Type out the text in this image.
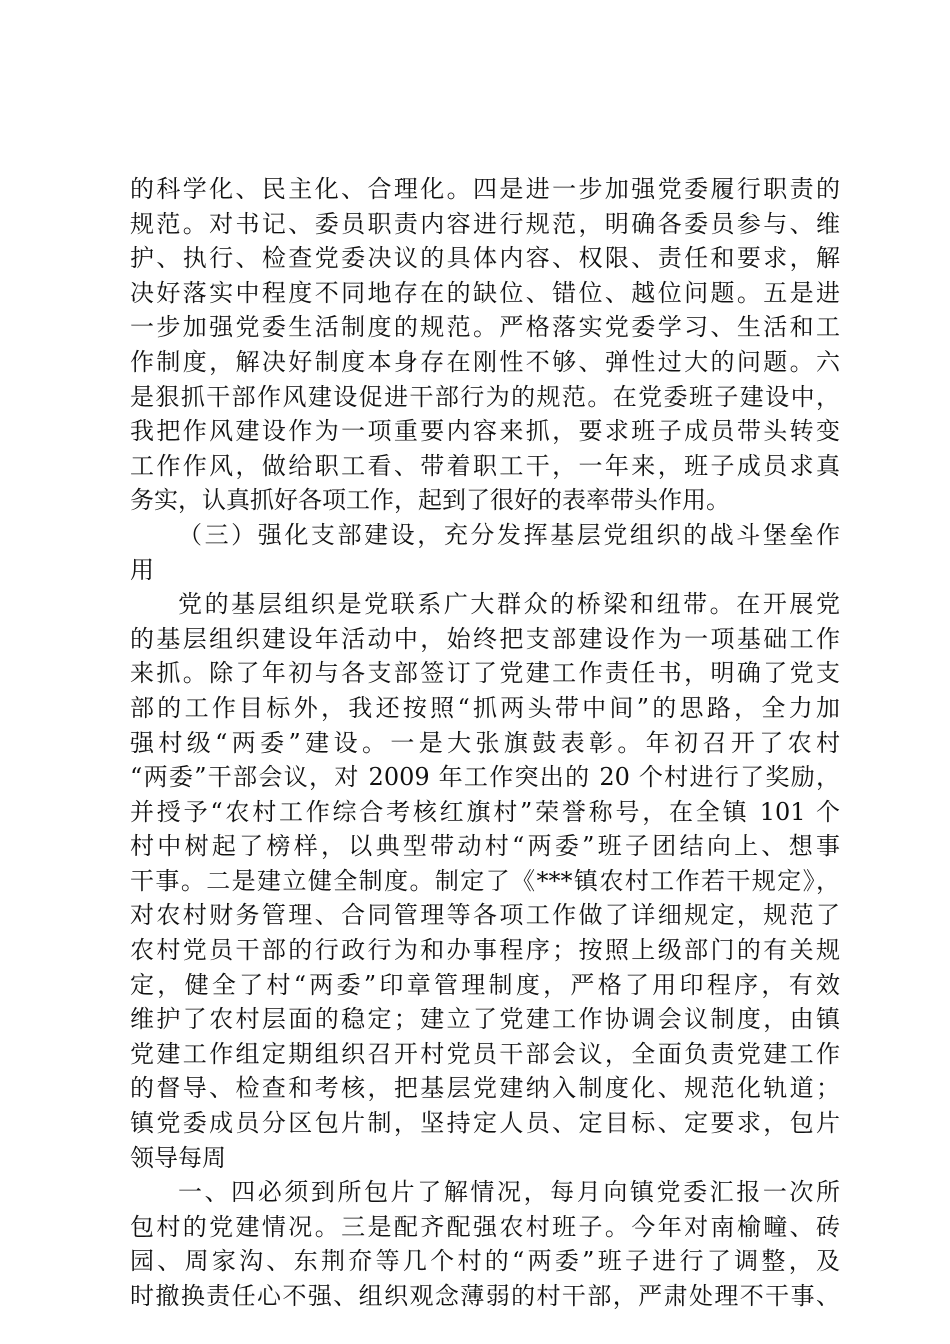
的科学化、民主化、合理化。四是进一步加强党委履行职责的
规范。对书记、委员职责内容进行规范，明确各委员参与、维
护、执行、检查党委决议的具体内容、权限、责任和要求，解
决好落实中程度不同地存在的缺位、错位、越位问题。五是进
一步加强党委生活制度的规范。严格落实党委学习、生活和工
作制度，解决好制度本身存在刚性不够、弹性过大的问题。六
是狠抓干部作风建设促进干部行为的规范。在党委班子建设中，
我把作风建设作为一项重要内容来抓，要求班子成员带头转变
工作作风，做给职工看、带着职工干，一年来，班子成员求真
务实，认真抓好各项工作，起到了很好的表率带头作用。
（三）强化支部建设，充分发挥基层党组织的战斗堡垒作
用
党的基层组织是党联系广大群众的桥梁和纽带。在开展党
的基层组织建设年活动中，始终把支部建设作为一项基础工作
来抓。除了年初与各支部签订了党建工作责任书，明确了党支
部的工作目标外，我还按照“抓两头带中间”的思路，全力加
强村级“两委”建设。一是大张旗鼓表彰。年初召开了农村
“两委”干部会议，对 2009 年工作突出的 20 个村进行了奖励，
并授予“农村工作综合考核红旗村”荣誉称号，在全镇 101 个
村中树起了榜样，以典型带动村“两委”班子团结向上、想事
干事。二是建立健全制度。制定了《***镇农村工作若干规定》，
对农村财务管理、合同管理等各项工作做了详细规定，规范了
农村党员干部的行政行为和办事程序；按照上级部门的有关规
定，健全了村“两委”印章管理制度，严格了用印程序，有效
维护了农村层面的稳定；建立了党建工作协调会议制度，由镇
党建工作组定期组织召开村党员干部会议，全面负责党建工作
的督导、检查和考核，把基层党建纳入制度化、规范化轨道；
镇党委成员分区包片制，坚持定人员、定目标、定要求，包片
领导每周
一、四必须到所包片了解情况，每月向镇党委汇报一次所
包村的党建情况。三是配齐配强农村班子。今年对南榆疃、砖
园、周家沟、东荆夼等几个村的“两委”班子进行了调整，及
时撤换责任心不强、组织观念薄弱的村干部，严肃处理不干事、
